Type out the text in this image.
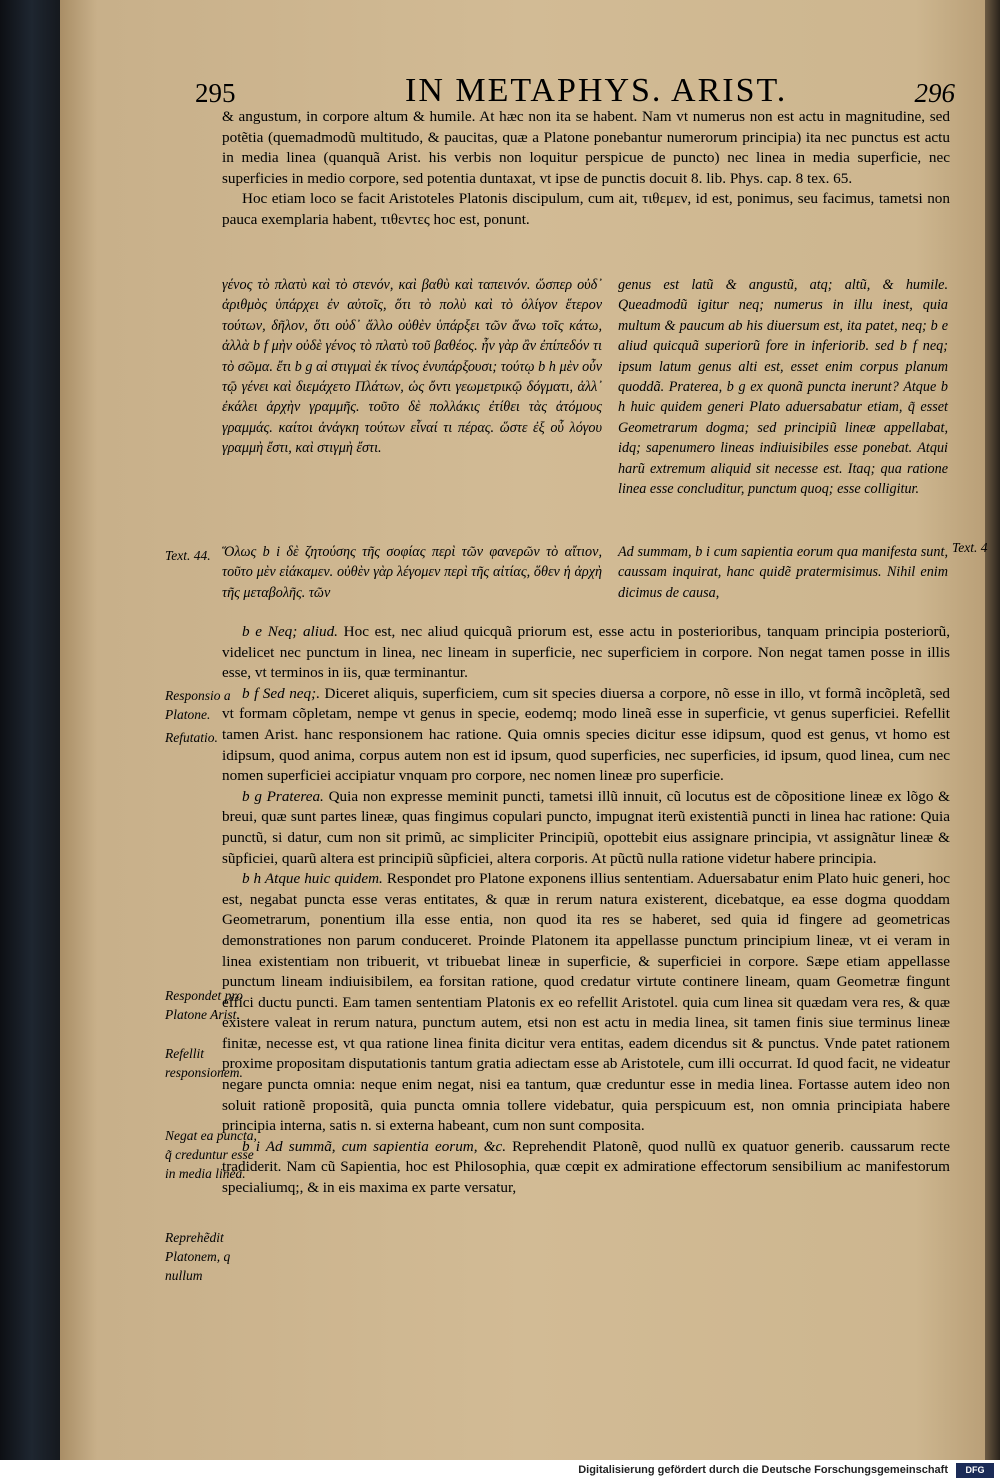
295	IN METAPHYS. ARIST.	296

& angustum, in corpore altum & humile. At hæc non ita se habent. Nam vt numerus non est actu in magnitudine, sed potẽtia (quemadmodũ multitudo, & paucitas, quæ a Platone ponebantur numerorum principia) ita nec punctus est actu in media linea (quanquã Arist. his verbis non loquitur perspicue de puncto) nec linea in media superficie, nec superficies in medio corpore, sed potentia duntaxat, vt ipse de punctis docuit 8. lib. Phys. cap. 8 tex. 65.

Hoc etiam loco se facit Aristoteles Platonis discipulum, cum ait, τιθεμεν, id est, ponimus, seu facimus, tametsi non pauca exemplaria habent, τιθεντες hoc est, ponunt.

γένος τὸ πλατὺ καὶ τὸ στενόν, καὶ βαθὺ καὶ ταπεινόν. ὥσπερ οὐδ᾽ ἀριθμὸς ὑπάρχει ἐν αὐτοῖς, ὅτι τὸ πολὺ καὶ τὸ ὀλίγον ἕτερον τούτων, δῆλον, ὅτι οὐδ᾽ ἄλλο οὐθὲν ὑπάρξει τῶν ἄνω τοῖς κάτω, ἀλλὰ b f μὴν οὐδὲ γένος τὸ πλατὺ τοῦ βαθέος. ἦν γὰρ ἂν ἐπίπεδόν τι τὸ σῶμα. ἔτι b g αἱ στιγμαὶ ἐκ τίνος ἐνυπάρξουσι; τούτῳ b h μὲν οὖν τῷ γένει καὶ διεμάχετο Πλάτων, ὡς ὄντι γεωμετρικῷ δόγματι, ἀλλ᾽ ἐκάλει ἀρχὴν γραμμῆς. τοῦτο δὲ πολλάκις ἐτίθει τὰς ἀτόμους γραμμάς. καίτοι ἀνάγκη τούτων εἶναί τι πέρας. ὥστε ἐξ οὗ λόγου γραμμὴ ἔστι, καὶ στιγμὴ ἔστι.

genus est latũ & angustũ, atq; altũ, & humile. Queadmodũ igitur neq; numerus in illu inest, quia multum & paucum ab his diuersum est, ita patet, neq; b e aliud quicquã superiorũ fore in inferiorib. sed b f neq; ipsum latum genus alti est, esset enim corpus planum quoddã. Praterea, b g ex quonã puncta inerunt? Atque b h huic quidem generi Plato aduersabatur etiam, q̃ esset Geometrarum dogma; sed principiũ lineæ appellabat, idq; sapenumero lineas indiuisibiles esse ponebat. Atqui harũ extremum aliquid sit necesse est. Itaq; qua ratione linea esse concluditur, punctum quoq; esse colligitur.

Ὅλως b i δὲ ζητούσης τῆς σοφίας περὶ τῶν φανερῶν τὸ αἴτιον, τοῦτο μὲν εἰάκαμεν. οὐθὲν γὰρ λέγομεν περὶ τῆς αἰτίας, ὅθεν ἡ ἀρχὴ τῆς μεταβολῆς. τῶν

Ad summam, b i cum sapientia eorum qua manifesta sunt, caussam inquirat, hanc quidẽ pratermisimus. Nihil enim dicimus de causa,

Text. 44.

Text. 4

b e Neq; aliud. Hoc est, nec aliud quicquã priorum est, esse actu in posterioribus, tanquam principia posteriorũ, videlicet nec punctum in linea, nec lineam in superficie, nec superficiem in corpore. Non negat tamen posse in illis esse, vt terminos in iis, quæ terminantur.

b f Sed neq;. Diceret aliquis, superficiem, cum sit species diuersa a corpore, nõ esse in illo, vt formã incõpletã, sed vt formam cõpletam, nempe vt genus in specie, eodemq; modo lineã esse in superficie, vt genus superficiei. Refellit tamen Arist. hanc responsionem hac ratione. Quia omnis species dicitur esse idipsum, quod est genus, vt homo est idipsum, quod anima, corpus autem non est id ipsum, quod superficies, nec superficies, id ipsum, quod linea, cum nec nomen superficiei accipiatur vnquam pro corpore, nec nomen lineæ pro superficie.

b g Praterea. Quia non expresse meminit puncti, tametsi illũ innuit, cũ locutus est de cõpositione lineæ ex lõgo & breui, quæ sunt partes lineæ, quas fingimus copulari puncto, impugnat iterũ existentiã puncti in linea hac ratione: Quia punctũ, si datur, cum non sit primũ, ac simpliciter Principiũ, opottebit eius assignare principia, vt assignãtur lineæ & sũpficiei, quarũ altera est principiũ sũpficiei, altera corporis. At pũctũ nulla ratione videtur habere principia.

b h Atque huic quidem. Respondet pro Platone exponens illius sententiam. Aduersabatur enim Plato huic generi, hoc est, negabat puncta esse veras entitates, & quæ in rerum natura existerent, dicebatque, ea esse dogma quoddam Geometrarum, ponentium illa esse entia, non quod ita res se haberet, sed quia id fingere ad geometricas demonstrationes non parum conduceret. Proinde Platonem ita appellasse punctum principium lineæ, vt ei veram in linea existentiam non tribuerit, vt tribuebat lineæ in superficie, & superficiei in corpore. Sæpe etiam appellasse punctum lineam indiuisibilem, ea forsitan ratione, quod credatur virtute continere lineam, quam Geometræ fingunt effici ductu puncti. Eam tamen sententiam Platonis ex eo refellit Aristotel. quia cum linea sit quædam vera res, & quæ existere valeat in rerum natura, punctum autem, etsi non est actu in media linea, sit tamen finis siue terminus lineæ finitæ, necesse est, vt qua ratione linea finita dicitur vera entitas, eadem dicendus sit & punctus. Vnde patet rationem proxime propositam disputationis tantum gratia adiectam esse ab Aristotele, cum illi occurrat. Id quod facit, ne videatur negare puncta omnia: neque enim negat, nisi ea tantum, quæ creduntur esse in media linea. Fortasse autem ideo non soluit rationẽ propositã, quia puncta omnia tollere videbatur, quia perspicuum est, non omnia principiata habere principia interna, satis n. si externa habeant, cum non sunt composita.

b i Ad summã, cum sapientia eorum, &c. Reprehendit Platonẽ, quod nullũ ex quatuor generib. caussarum recte tradiderit. Nam cũ Sapientia, hoc est Philosophia, quæ cœpit ex admiratione effectorum sensibilium ac manifestorum specialiumq;, & in eis maxima ex parte versatur,

Responsio a Platone.

Refutatio.

Respondet pro Platone Arist.

Refellit responsionem.

Negat ea puncta, q̃ creduntur esse in media linea.

Reprehẽdit Platonem, q nullum

Digitalisierung gefördert durch die Deutsche Forschungsgemeinschaft	DFG
